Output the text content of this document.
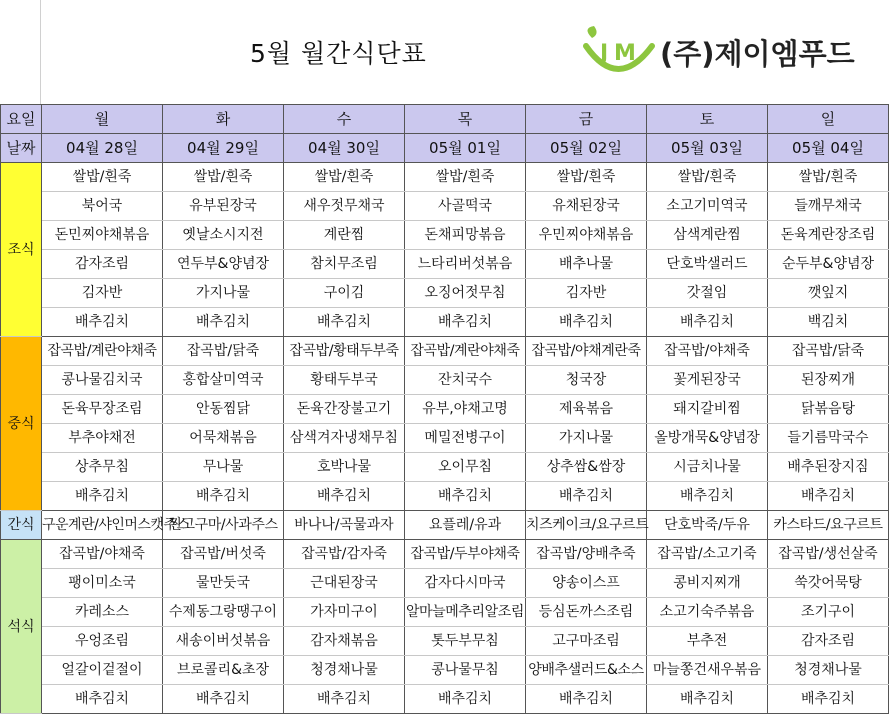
5월 월간식단표	J M (주)제이엠푸드
요일	월	화	수	목	금	토	일
날짜	04월 28일	04월 29일	04월 30일	05월 01일	05월 02일	05월 03일	05월 04일
조식	쌀밥/흰죽	쌀밥/흰죽	쌀밥/흰죽	쌀밥/흰죽	쌀밥/흰죽	쌀밥/흰죽	쌀밥/흰죽
	북어국	유부된장국	새우젓무채국	사골떡국	유채된장국	소고기미역국	들깨무채국
	돈민찌야채볶음	옛날소시지전	계란찜	돈채피망볶음	우민찌야채볶음	삼색계란찜	돈육계란장조림
	감자조림	연두부&양념장	참치무조림	느타리버섯볶음	배추나물	단호박샐러드	순두부&양념장
	김자반	가지나물	구이김	오징어젓무침	김자반	갓절임	깻잎지
	배추김치	배추김치	배추김치	배추김치	배추김치	배추김치	백김치
중식	잡곡밥/계란야채죽	잡곡밥/닭죽	잡곡밥/황태두부죽	잡곡밥/계란야채죽	잡곡밥/야채계란죽	잡곡밥/야채죽	잡곡밥/닭죽
	콩나물김치국	홍합살미역국	황태두부국	잔치국수	청국장	꽃게된장국	된장찌개
	돈육무장조림	안동찜닭	돈육간장불고기	유부,야채고명	제육볶음	돼지갈비찜	닭볶음탕
	부추야채전	어묵채볶음	삼색겨자냉채무침	메밀전병구이	가지나물	올방개묵&양념장	들기름막국수
	상추무침	무나물	호박나물	오이무침	상추쌈&쌈장	시금치나물	배추된장지짐
	배추김치	배추김치	배추김치	배추김치	배추김치	배추김치	배추김치
간식	구운계란/샤인머스캣주스	찐고구마/사과주스	바나나/곡물과자	요플레/유과	치즈케이크/요구르트	단호박죽/두유	카스타드/요구르트
석식	잡곡밥/야채죽	잡곡밥/버섯죽	잡곡밥/감자죽	잡곡밥/두부야채죽	잡곡밥/양배추죽	잡곡밥/소고기죽	잡곡밥/생선살죽
	팽이미소국	물만둣국	근대된장국	감자다시마국	양송이스프	콩비지찌개	쑥갓어묵탕
	카레소스	수제동그랑땡구이	가자미구이	알마늘메추리알조림	등심돈까스조림	소고기숙주볶음	조기구이
	우엉조림	새송이버섯볶음	감자채볶음	톳두부무침	고구마조림	부추전	감자조림
	얼갈이겉절이	브로콜리&초장	청경채나물	콩나물무침	양배추샐러드&소스	마늘쫑건새우볶음	청경채나물
	배추김치	배추김치	배추김치	배추김치	배추김치	배추김치	배추김치
